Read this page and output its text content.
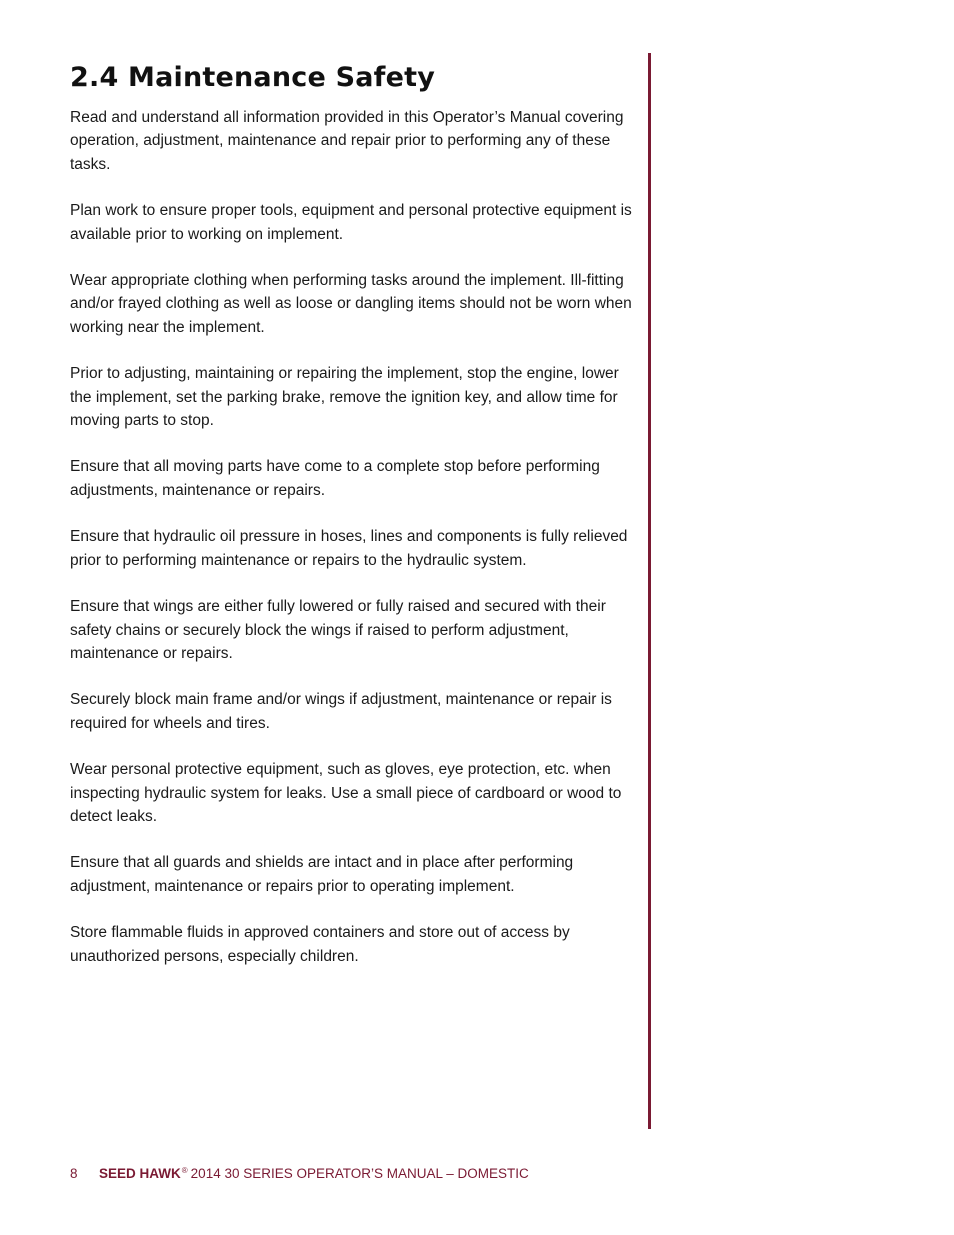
2.4 Maintenance Safety

Read and understand all information provided in this Operator’s Manual covering operation, adjustment, maintenance and repair prior to performing any of these tasks.

Plan work to ensure proper tools, equipment and personal protective equipment is available prior to working on implement.

Wear appropriate clothing when performing tasks around the implement. Ill-fitting and/or frayed clothing as well as loose or dangling items should not be worn when working near the implement.

Prior to adjusting, maintaining or repairing the implement, stop the engine, lower the implement, set the parking brake, remove the ignition key, and allow time for moving parts to stop.

Ensure that all moving parts have come to a complete stop before performing adjustments, maintenance or repairs.

Ensure that hydraulic oil pressure in hoses, lines and components is fully relieved prior to performing maintenance or repairs to the hydraulic system.

Ensure that wings are either fully lowered or fully raised and secured with their safety chains or securely block the wings if raised to perform adjustment, maintenance or repairs.

Securely block main frame and/or wings if adjustment, maintenance or repair is required for wheels and tires.

Wear personal protective equipment, such as gloves, eye protection, etc. when inspecting hydraulic system for leaks. Use a small piece of cardboard or wood to detect leaks.

Ensure that all guards and shields are intact and in place after performing adjustment, maintenance or repairs prior to operating implement.

Store flammable fluids in approved containers and store out of access by unauthorized persons, especially children.

8 SEED HAWK® 2014 30 SERIES OPERATOR’S MANUAL – DOMESTIC
